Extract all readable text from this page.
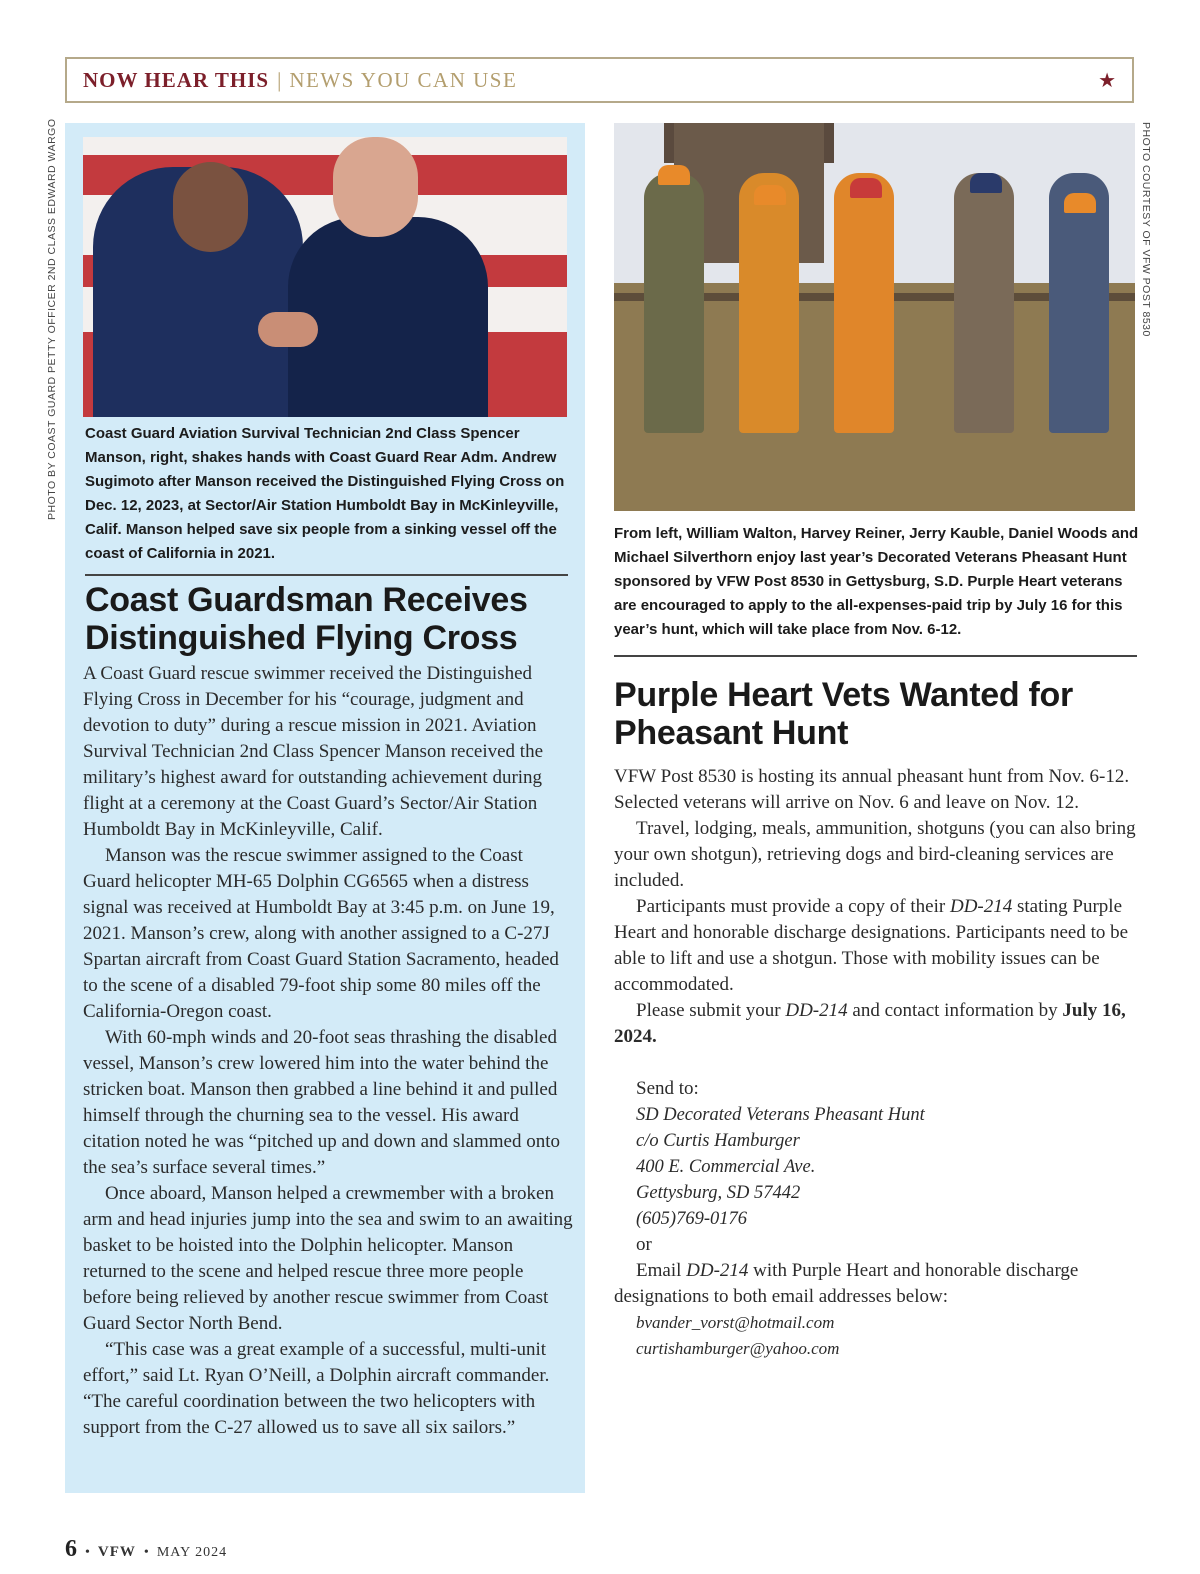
NOW HEAR THIS | NEWS YOU CAN USE	★
PHOTO BY COAST GUARD PETTY OFFICER 2ND CLASS EDWARD WARGO	PHOTO COURTESY OF VFW POST 8530
Coast Guard Aviation Survival Technician 2nd Class Spencer Manson, right, shakes hands with Coast Guard Rear Adm. Andrew Sugimoto after Manson received the Distinguished Flying Cross on Dec. 12, 2023, at Sector/Air Station Humboldt Bay in McKinleyville, Calif. Manson helped save six people from a sinking vessel off the coast of California in 2021.
Coast Guardsman Receives Distinguished Flying Cross

A Coast Guard rescue swimmer received the Distinguished Flying Cross in December for his “courage, judgment and devotion to duty” during a rescue mission in 2021. Aviation Survival Technician 2nd Class Spencer Manson received the military’s highest award for outstanding achievement during flight at a ceremony at the Coast Guard’s Sector/Air Station Humboldt Bay in McKinleyville, Calif.

Manson was the rescue swimmer assigned to the Coast Guard helicopter MH-65 Dolphin CG6565 when a distress signal was received at Humboldt Bay at 3:45 p.m. on June 19, 2021. Manson’s crew, along with another assigned to a C-27J Spartan aircraft from Coast Guard Station Sacramento, headed to the scene of a disabled 79-foot ship some 80 miles off the California-Oregon coast.

With 60-mph winds and 20-foot seas thrashing the disabled vessel, Manson’s crew lowered him into the water behind the stricken boat. Manson then grabbed a line behind it and pulled himself through the churning sea to the vessel. His award citation noted he was “pitched up and down and slammed onto the sea’s surface several times.”

Once aboard, Manson helped a crewmember with a broken arm and head injuries jump into the sea and swim to an awaiting basket to be hoisted into the Dolphin helicopter. Manson returned to the scene and helped rescue three more people before being relieved by another rescue swimmer from Coast Guard Sector North Bend.

“This case was a great example of a successful, multi-unit effort,” said Lt. Ryan O’Neill, a Dolphin aircraft commander. “The careful coordination between the two helicopters with support from the C-27 allowed us to save all six sailors.”

From left, William Walton, Harvey Reiner, Jerry Kauble, Daniel Woods and Michael Silverthorn enjoy last year’s Decorated Veterans Pheasant Hunt sponsored by VFW Post 8530 in Gettysburg, S.D. Purple Heart veterans are encouraged to apply to the all-expenses-paid trip by July 16 for this year’s hunt, which will take place from Nov. 6-12.
Purple Heart Vets Wanted for Pheasant Hunt

VFW Post 8530 is hosting its annual pheasant hunt from Nov. 6-12. Selected veterans will arrive on Nov. 6 and leave on Nov. 12.

Travel, lodging, meals, ammunition, shotguns (you can also bring your own shotgun), retrieving dogs and bird-cleaning services are included.

Participants must provide a copy of their DD-214 stating Purple Heart and honorable discharge designations. Participants need to be able to lift and use a shotgun. Those with mobility issues can be accommodated.

Please submit your DD-214 and contact information by July 16, 2024.

Send to:
SD Decorated Veterans Pheasant Hunt
c/o Curtis Hamburger
400 E. Commercial Ave.
Gettysburg, SD 57442
(605)769-0176
or

Email DD-214 with Purple Heart and honorable discharge designations to both email addresses below:

bvander_vorst@hotmail.com
curtishamburger@yahoo.com
6 • VFW • MAY 2024
